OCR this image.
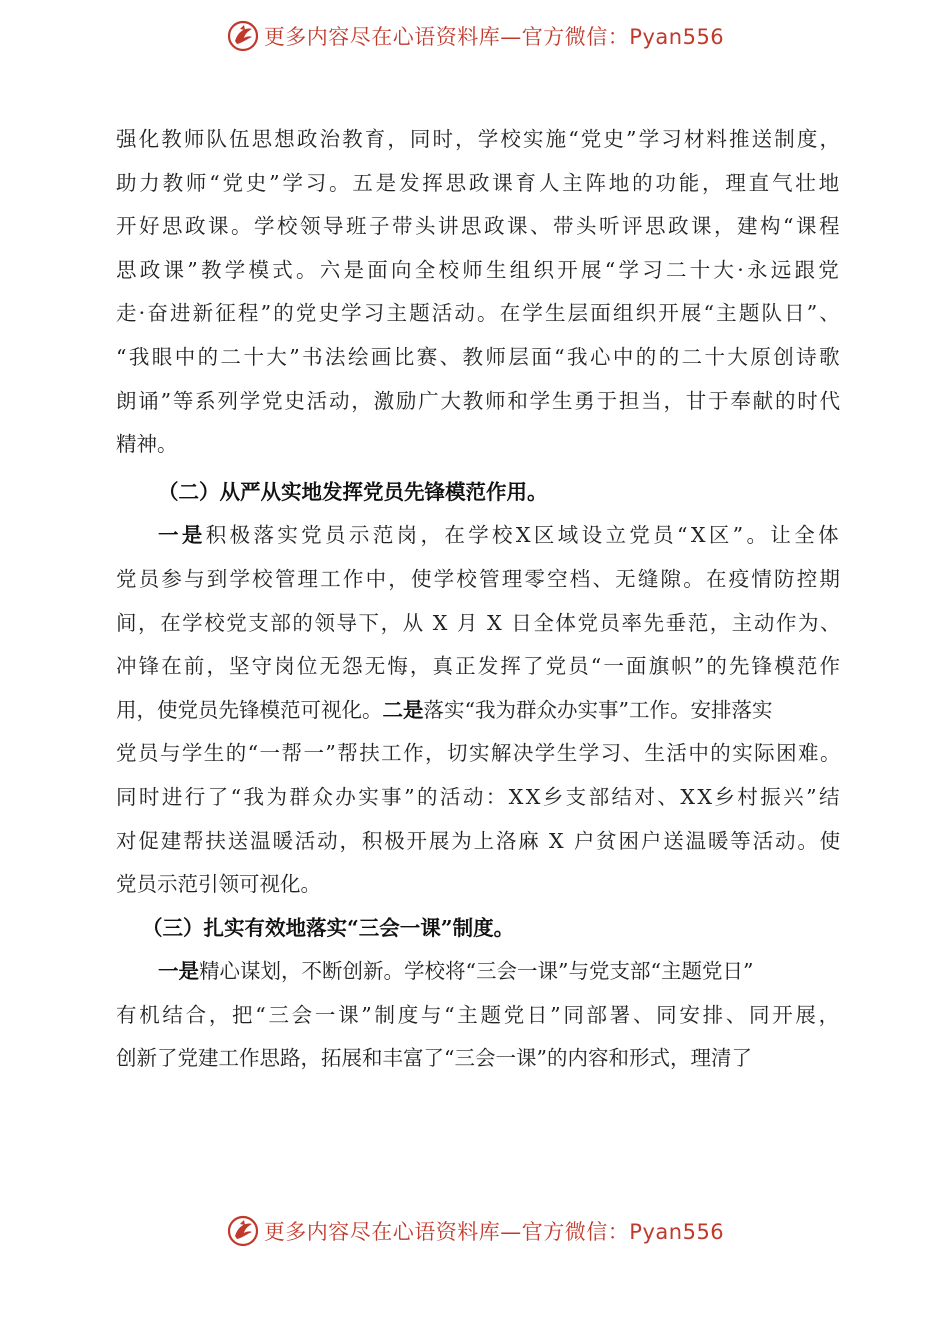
更多内容尽在心语资料库—官方微信：Pyan556
强化教师队伍思想政治教育，同时，学校实施“党史”学习材料推送制度，
助力教师“党史”学习。五是发挥思政课育人主阵地的功能，理直气壮地
开好思政课。学校领导班子带头讲思政课、带头听评思政课，建构“课程
思政课”教学模式。六是面向全校师生组织开展“学习二十大·永远跟党
走·奋进新征程”的党史学习主题活动。在学生层面组织开展“主题队日”、
“我眼中的二十大”书法绘画比赛、教师层面“我心中的的二十大原创诗歌
朗诵”等系列学党史活动，激励广大教师和学生勇于担当，甘于奉献的时代
精神。
（二）从严从实地发挥党员先锋模范作用。
一是 积极落实党员示范岗，在学校X区域设立党员“X区”。让全体
党员参与到学校管理工作中，使学校管理零空档、无缝隙。在疫情防控期
间，在学校党支部的领导下，从 X 月 X 日全体党员率先垂范，主动作为、
冲锋在前，坚守岗位无怨无悔，真正发挥了党员“一面旗帜”的先锋模范作
用，使党员先锋模范可视化。 二是 落实“我为群众办实事”工作。安排落实
党员与学生的“一帮一”帮扶工作，切实解决学生学习、生活中的实际困难。
同时进行了“我为群众办实事”的活动：XX乡支部结对、XX乡村振兴”结
对促建帮扶送温暖活动，积极开展为上洛麻 X 户贫困户送温暖等活动。使
党员示范引领可视化。
（三）扎实有效地落实“三会一课”制度。
一是 精心谋划，不断创新。学校将“三会一课”与党支部“主题党日”
有机结合，把“三会一课”制度与“主题党日”同部署、同安排、同开展，
创新了党建工作思路，拓展和丰富了“三会一课”的内容和形式，理清了
更多内容尽在心语资料库—官方微信：Pyan556
